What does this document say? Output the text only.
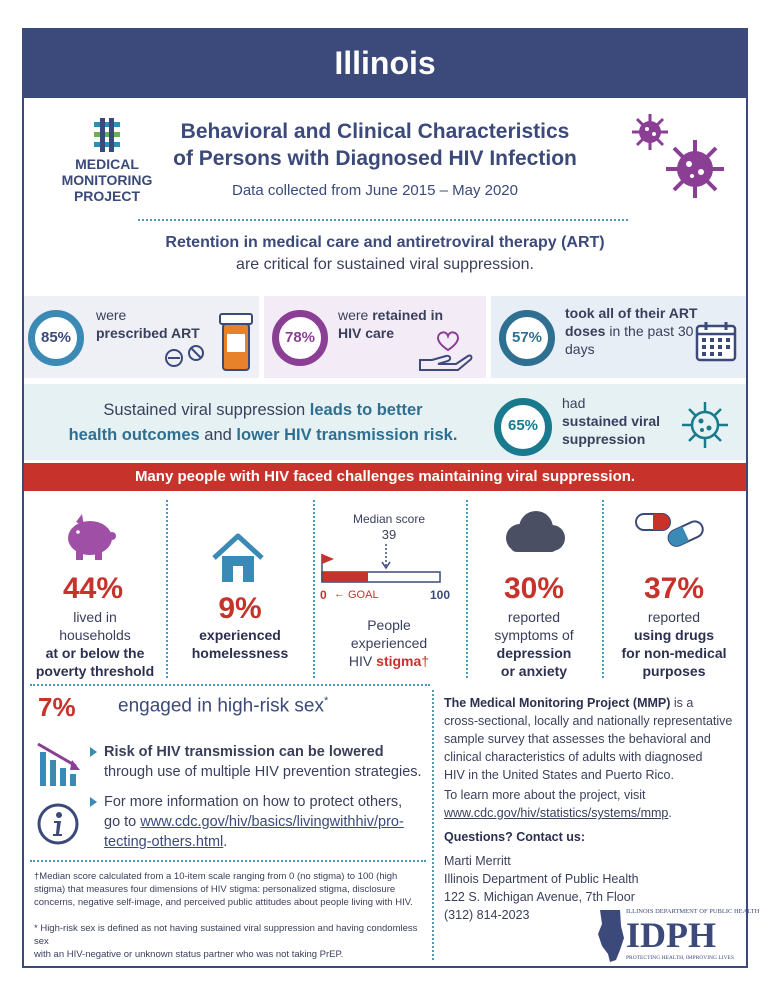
Illinois
MEDICAL
MONITORING
PROJECT
Behavioral and Clinical Characteristics
of Persons with Diagnosed HIV Infection
Data collected from June 2015 – May 2020
Retention in medical care and antiretroviral therapy (ART)
are critical for sustained viral suppression.
85%
were
prescribed ART	78%
were retained in
HIV care	57%
took all of their ART
doses in the past 30
days
Sustained viral suppression leads to better
health outcomes and lower HIV transmission risk.
65%
had
sustained viral
suppression
Many people with HIV faced challenges maintaining viral suppression.
44%
lived in
households
at or below the
poverty threshold
9%
experienced
homelessness
Median score
39
0 ← GOAL	100
People
experienced
HIV stigma†
30%
reported
symptoms of
depression
or anxiety
37%
reported
using drugs
for non-medical
purposes
7% engaged in high-risk sex*
Risk of HIV transmission can be lowered
through use of multiple HIV prevention strategies.
For more information on how to protect others,
go to www.cdc.gov/hiv/basics/livingwithhiv/pro-
tecting-others.html.
†Median score calculated from a 10-item scale ranging from 0 (no stigma) to 100 (high
stigma) that measures four dimensions of HIV stigma: personalized stigma, disclosure
concerns, negative self-image, and perceived public attitudes about people living with HIV.
* High-risk sex is defined as not having sustained viral suppression and having condomless sex
with an HIV-negative or unknown status partner who was not taking PrEP.
The Medical Monitoring Project (MMP) is a
cross-sectional, locally and nationally representative
sample survey that assesses the behavioral and
clinical characteristics of adults with diagnosed
HIV in the United States and Puerto Rico.
To learn more about the project, visit
www.cdc.gov/hiv/statistics/systems/mmp.
Questions? Contact us:
Marti Merritt
Illinois Department of Public Health
122 S. Michigan Avenue, 7th Floor
(312) 814-2023	ILLINOIS DEPARTMENT OF PUBLIC HEALTH
IDPH
PROTECTING HEALTH, IMPROVING LIVES
